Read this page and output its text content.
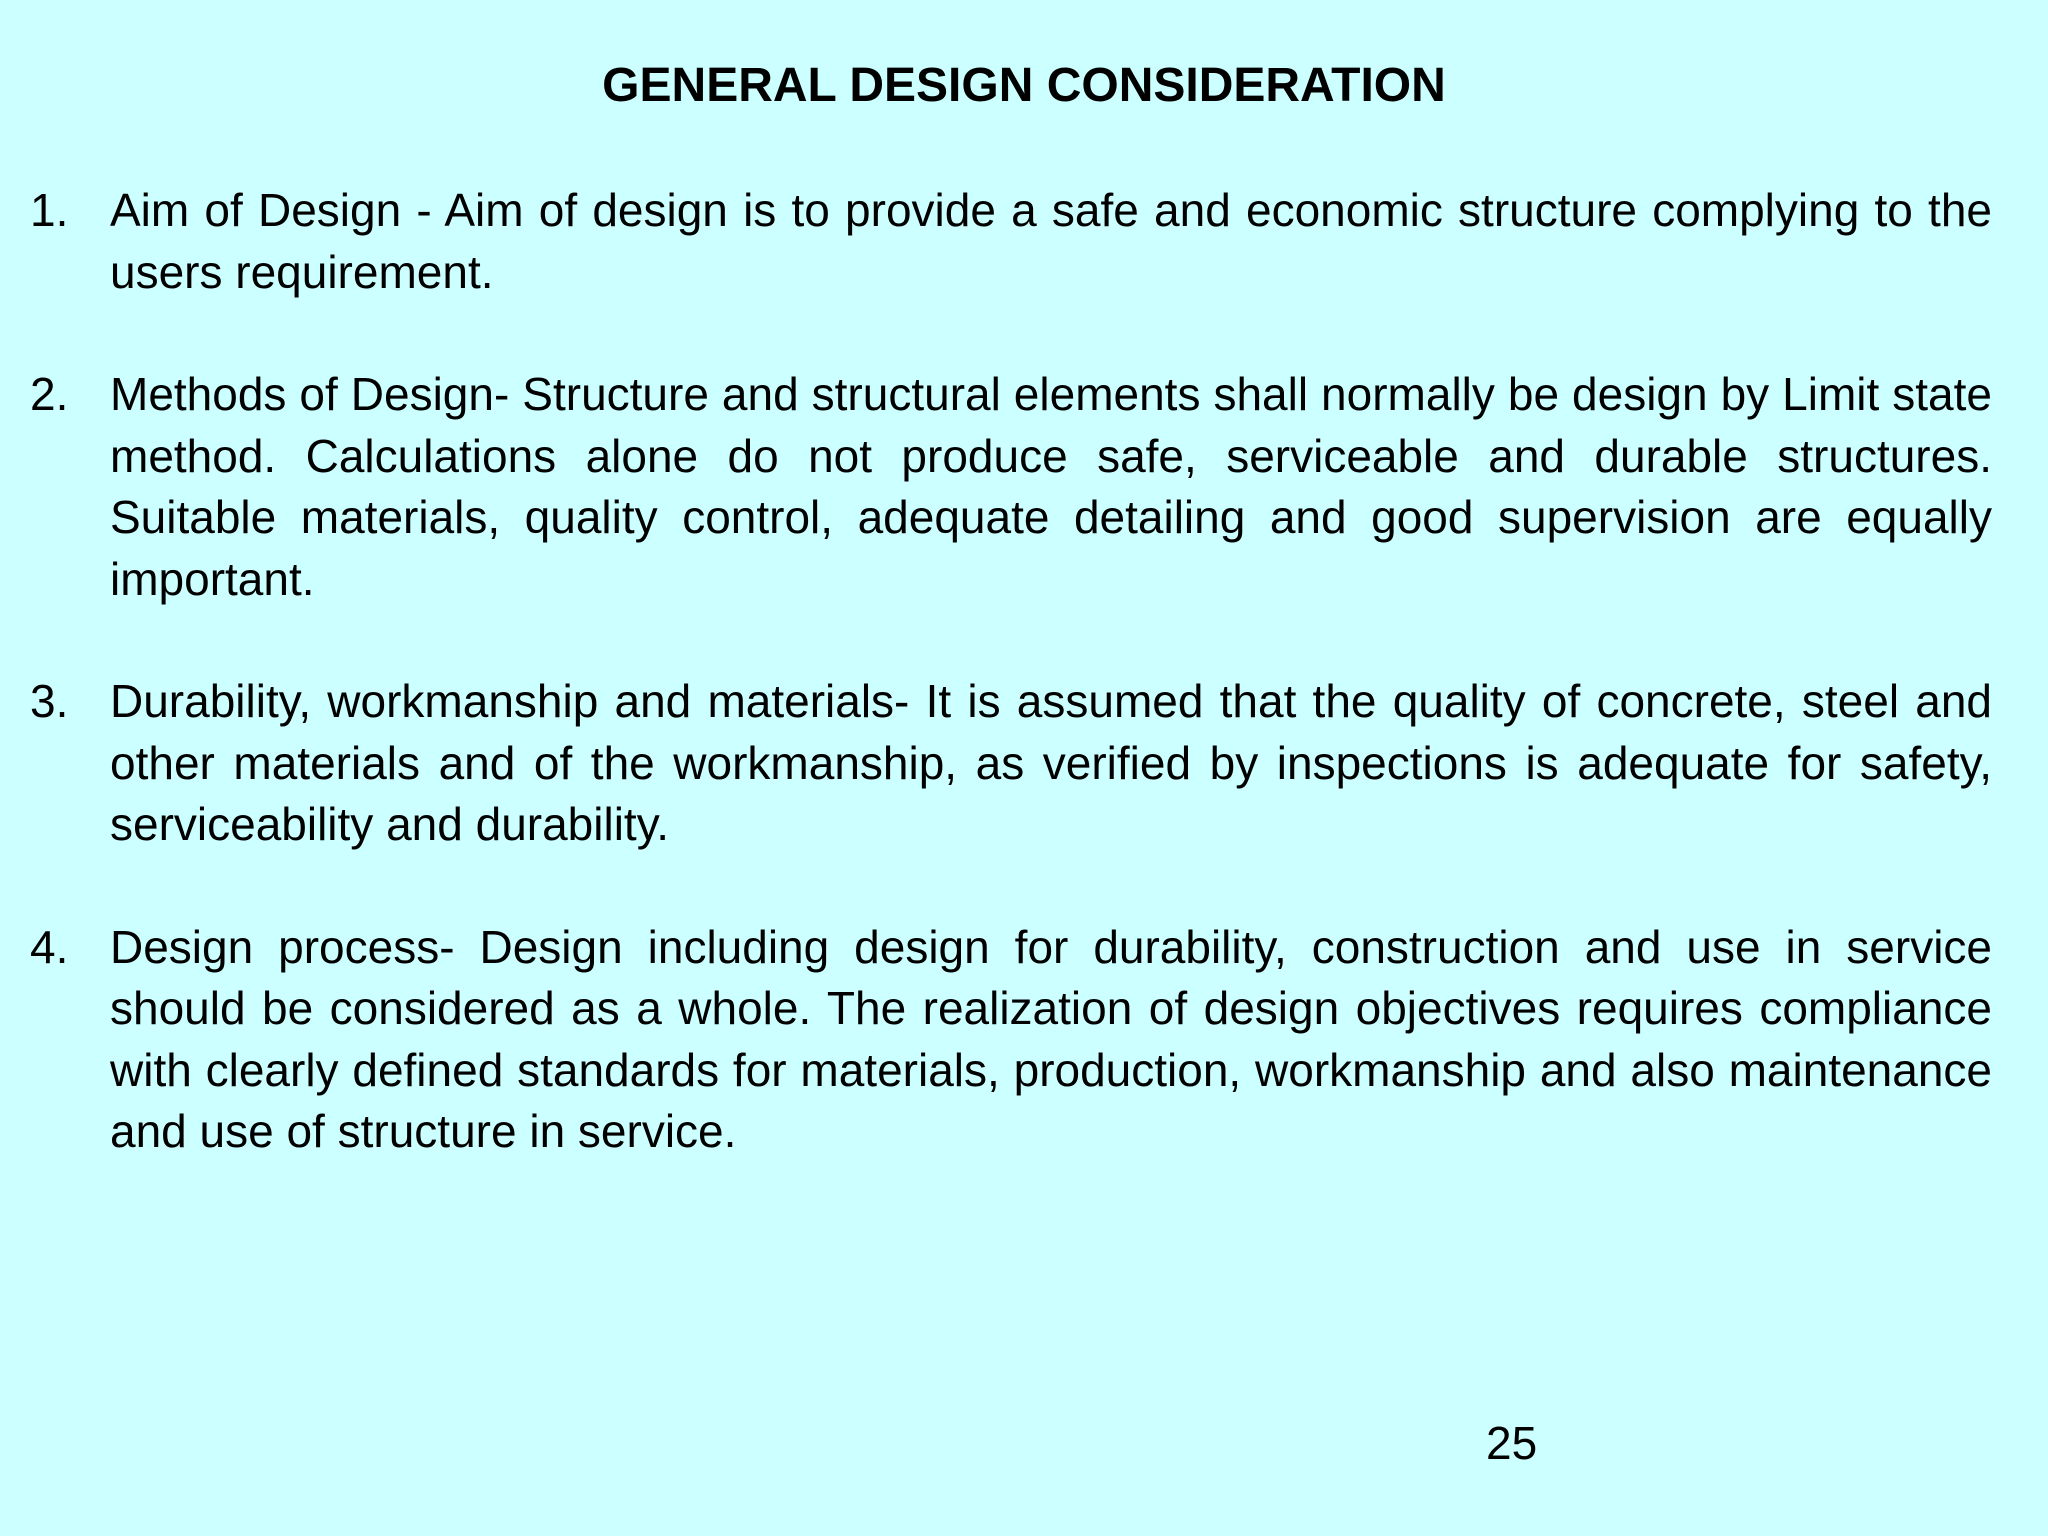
GENERAL DESIGN CONSIDERATION
1. Aim of Design - Aim of design is to provide a safe and economic structure complying to the users requirement.
2. Methods of Design- Structure and structural elements shall normally be design by Limit state method. Calculations alone do not produce safe, serviceable and durable structures. Suitable materials, quality control, adequate detailing and good supervision are equally important.
3. Durability, workmanship and materials- It is assumed that the quality of concrete, steel and other materials and of the workmanship, as verified by inspections is adequate for safety, serviceability and durability.
4. Design process- Design including design for durability, construction and use in service should be considered as a whole. The realization of design objectives requires compliance with clearly defined standards for materials, production, workmanship and also maintenance and use of structure in service.
25
